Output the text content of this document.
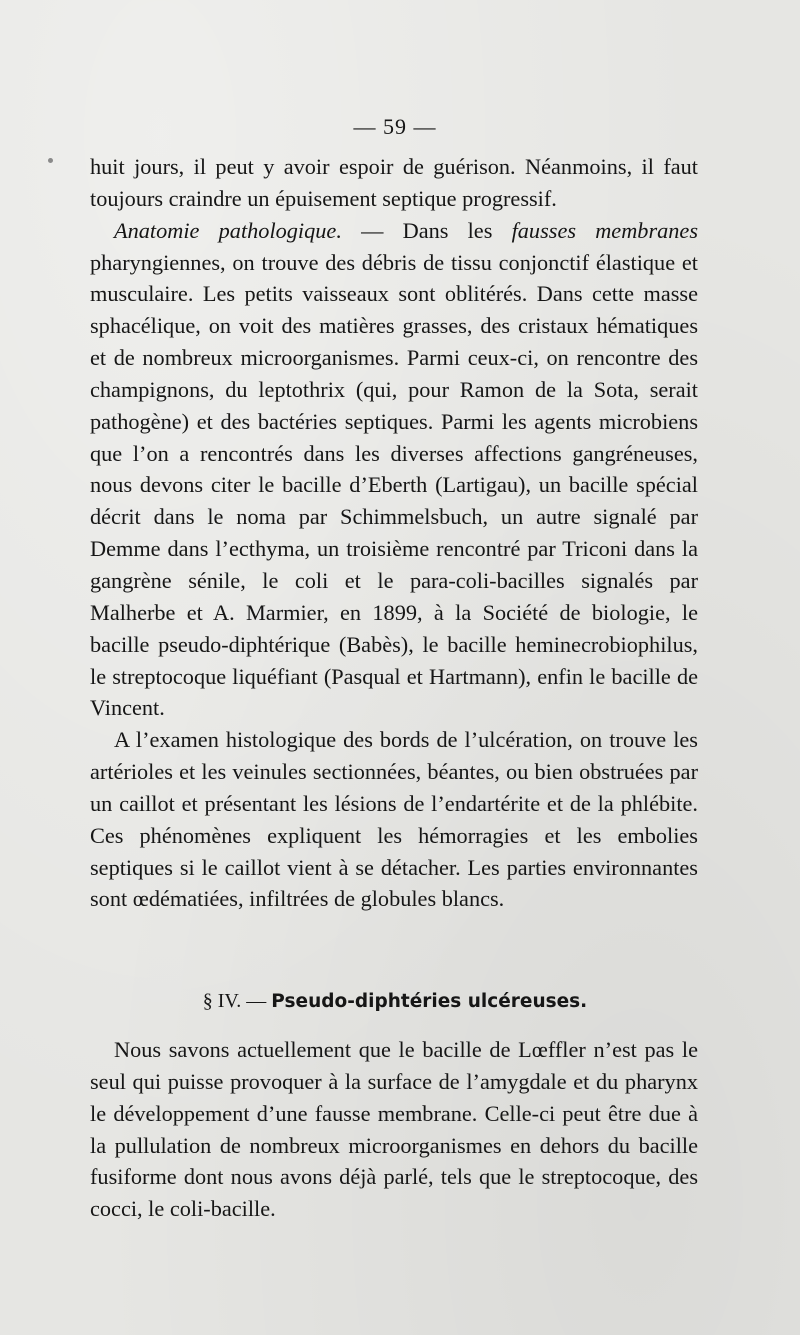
— 59 —

huit jours, il peut y avoir espoir de guérison. Néanmoins, il faut toujours craindre un épuisement septique progressif.

Anatomie pathologique. — Dans les fausses membranes pharyngiennes, on trouve des débris de tissu conjonctif élastique et musculaire. Les petits vaisseaux sont oblitérés. Dans cette masse sphacélique, on voit des matières grasses, des cristaux hématiques et de nombreux microorganismes. Parmi ceux-ci, on rencontre des champignons, du leptothrix (qui, pour Ramon de la Sota, serait pathogène) et des bactéries septiques. Parmi les agents microbiens que l’on a rencontrés dans les diverses affections gangréneuses, nous devons citer le bacille d’Eberth (Lartigau), un bacille spécial décrit dans le noma par Schimmelsbuch, un autre signalé par Demme dans l’ecthyma, un troisième rencontré par Triconi dans la gangrène sénile, le coli et le para-coli-bacilles signalés par Malherbe et A. Marmier, en 1899, à la Société de biologie, le bacille pseudo-diphtérique (Babès), le bacille heminecrobiophilus, le streptocoque liquéfiant (Pasqual et Hartmann), enfin le bacille de Vincent.

A l’examen histologique des bords de l’ulcération, on trouve les artérioles et les veinules sectionnées, béantes, ou bien obstruées par un caillot et présentant les lésions de l’endartérite et de la phlébite. Ces phénomènes expliquent les hémorragies et les embolies septiques si le caillot vient à se détacher. Les parties environnantes sont œdématiées, infiltrées de globules blancs.

§ IV. — Pseudo-diphtéries ulcéreuses.

Nous savons actuellement que le bacille de Lœffler n’est pas le seul qui puisse provoquer à la surface de l’amygdale et du pharynx le développement d’une fausse membrane. Celle-ci peut être due à la pullulation de nombreux microorganismes en dehors du bacille fusiforme dont nous avons déjà parlé, tels que le streptocoque, des cocci, le coli-bacille.
